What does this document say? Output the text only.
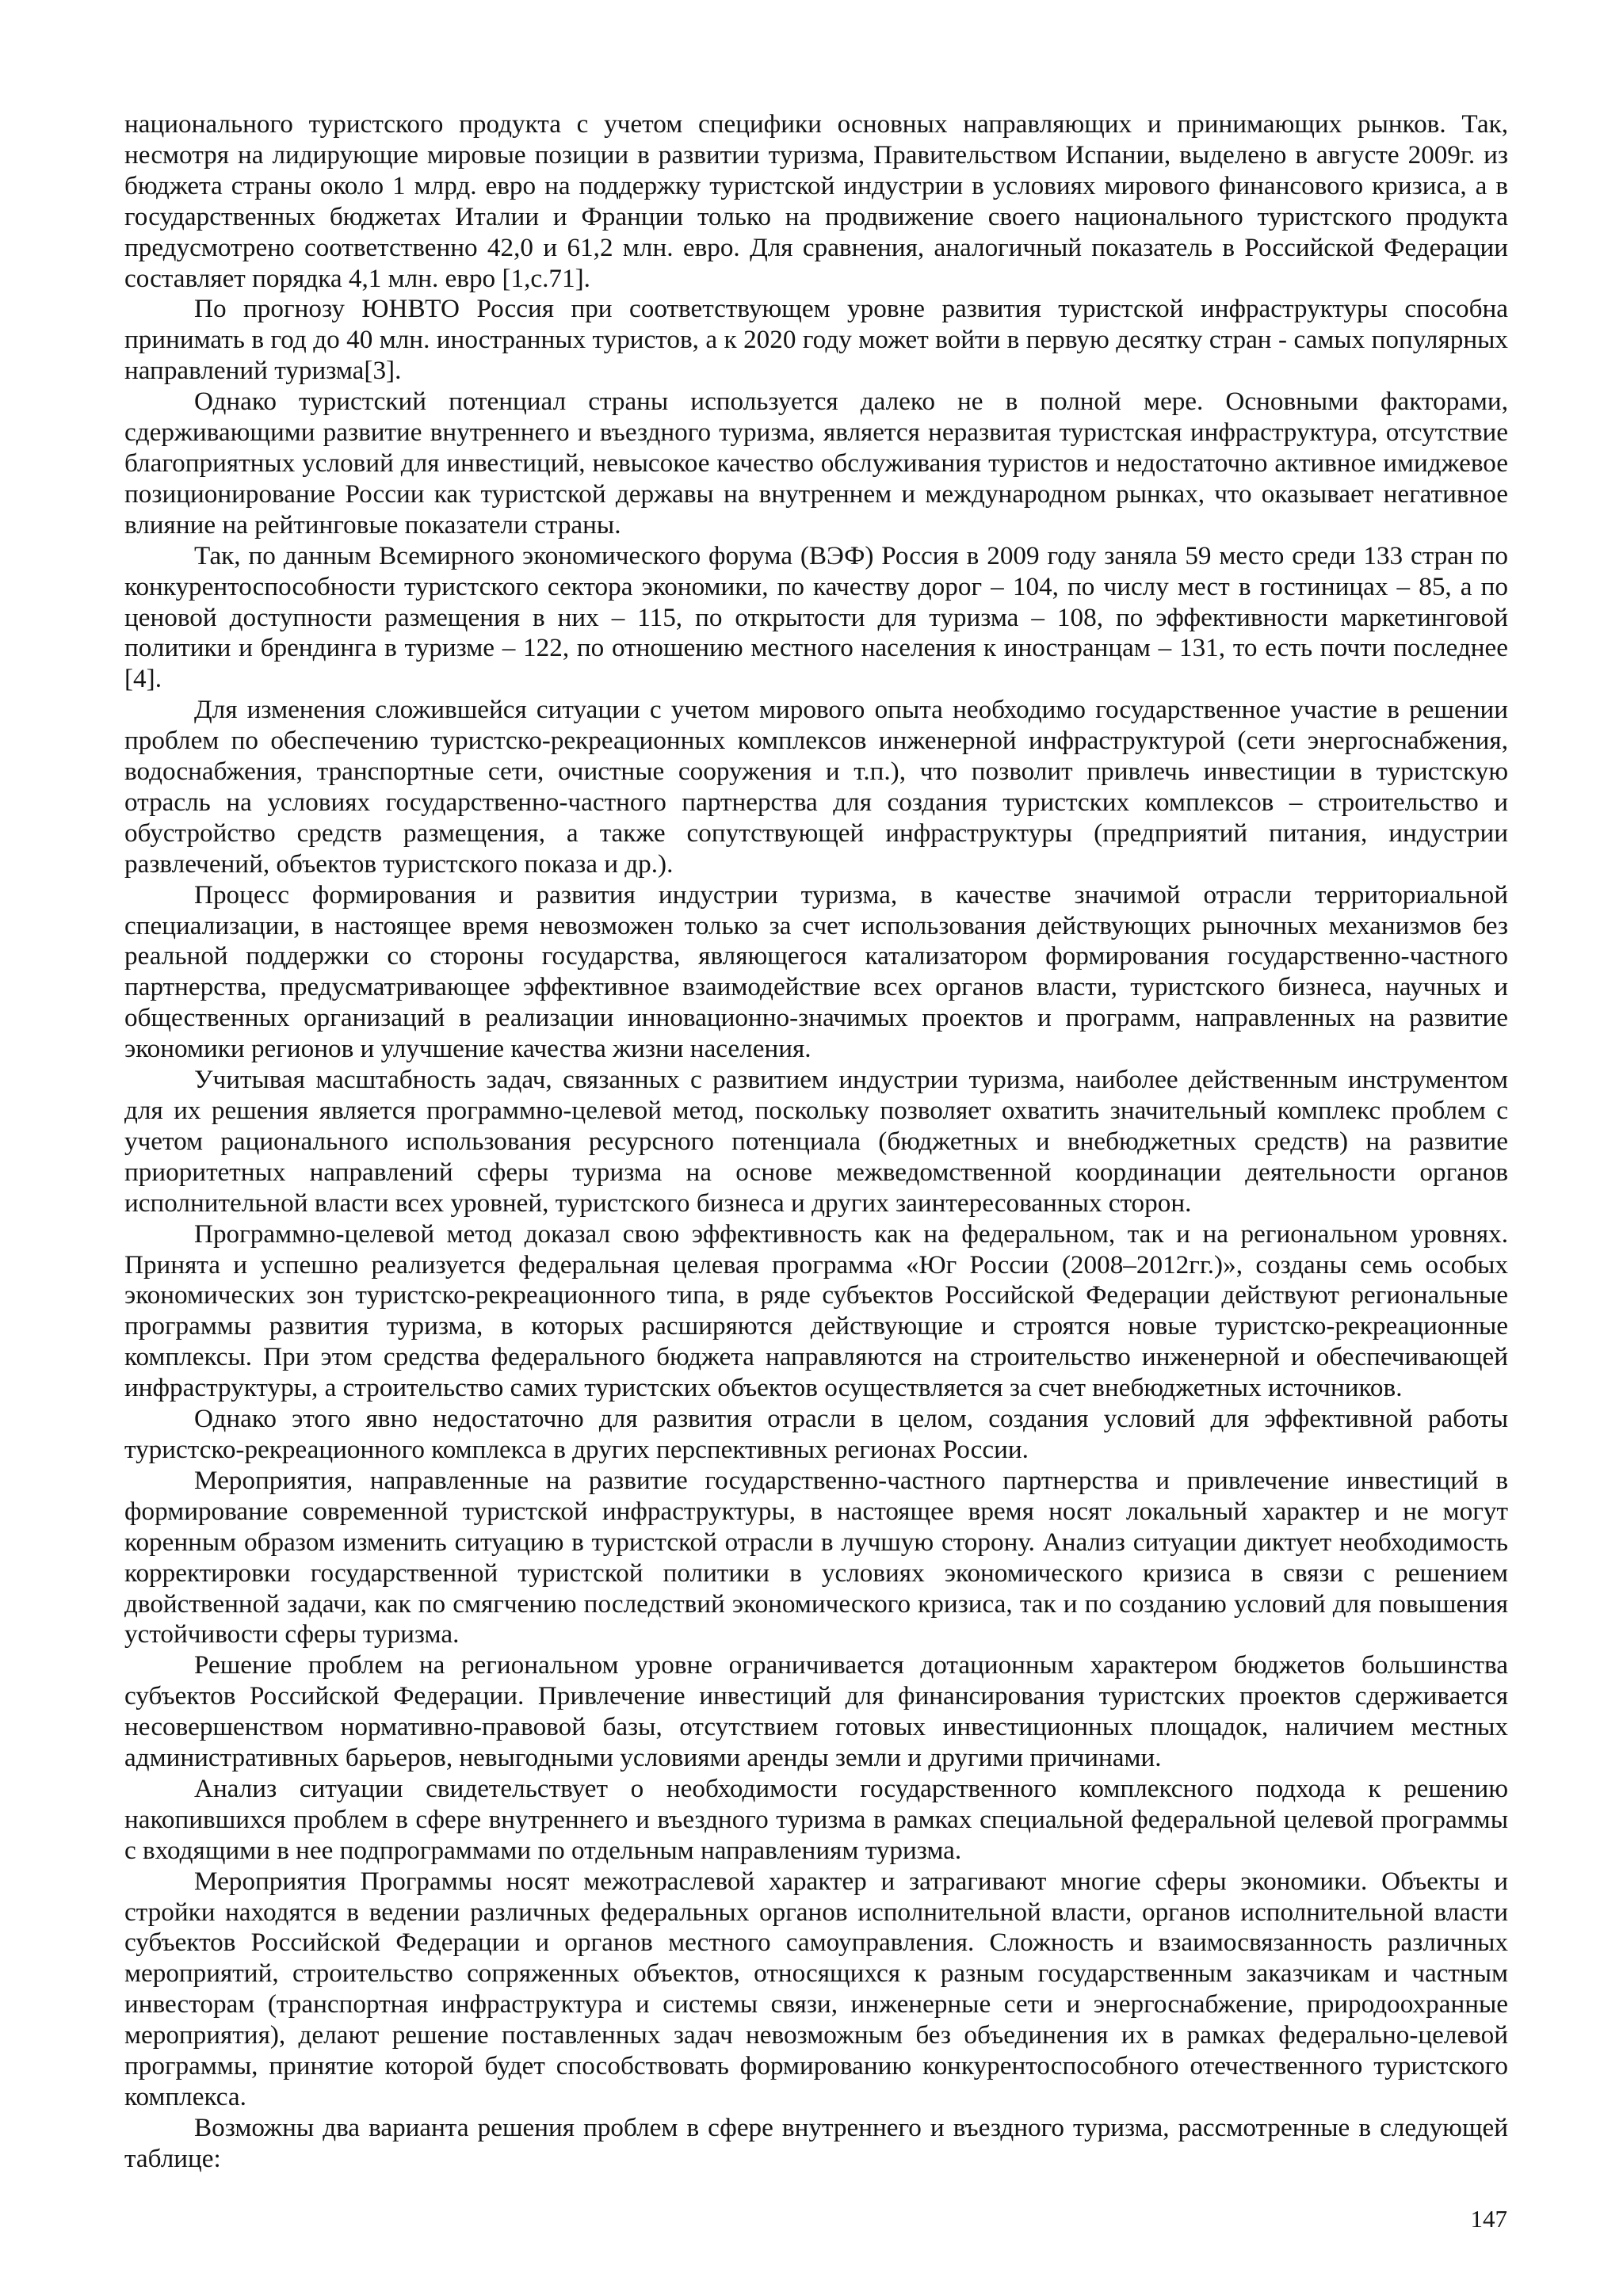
национального туристского продукта с учетом специфики основных направляющих и принимающих рынков. Так, несмотря на лидирующие мировые позиции в развитии туризма, Правительством Испании, выделено в августе 2009г. из бюджета страны около 1 млрд. евро на поддержку туристской индустрии в условиях мирового финансового кризиса, а в государственных бюджетах Италии и Франции только на продвижение своего национального туристского продукта предусмотрено соответственно 42,0 и 61,2 млн. евро. Для сравнения, аналогичный показатель в Российской Федерации составляет порядка 4,1 млн. евро [1,с.71].

По прогнозу ЮНВТО Россия при соответствующем уровне развития туристской инфраструктуры способна принимать в год до 40 млн. иностранных туристов, а к 2020 году может войти в первую десятку стран - самых популярных направлений туризма[3].

Однако туристский потенциал страны используется далеко не в полной мере. Основными факторами, сдерживающими развитие внутреннего и въездного туризма, является неразвитая туристская инфраструктура, отсутствие благоприятных условий для инвестиций, невысокое качество обслуживания туристов и недостаточно активное имиджевое позиционирование России как туристской державы на внутреннем и международном рынках, что оказывает негативное влияние на рейтинговые показатели страны.

Так, по данным Всемирного экономического форума (ВЭФ) Россия в 2009 году заняла 59 место среди 133 стран по конкурентоспособности туристского сектора экономики, по качеству дорог – 104, по числу мест в гостиницах – 85, а по ценовой доступности размещения в них – 115, по открытости для туризма – 108, по эффективности маркетинговой политики и брендинга в туризме – 122, по отношению местного населения к иностранцам – 131, то есть почти последнее [4].

Для изменения сложившейся ситуации с учетом мирового опыта необходимо государственное участие в решении проблем по обеспечению туристско-рекреационных комплексов инженерной инфраструктурой (сети энергоснабжения, водоснабжения, транспортные сети, очистные сооружения и т.п.), что позволит привлечь инвестиции в туристскую отрасль на условиях государственно-частного партнерства для создания туристских комплексов – строительство и обустройство средств размещения, а также сопутствующей инфраструктуры (предприятий питания, индустрии развлечений, объектов туристского показа и др.).

Процесс формирования и развития индустрии туризма, в качестве значимой отрасли территориальной специализации, в настоящее время невозможен только за счет использования действующих рыночных механизмов без реальной поддержки со стороны государства, являющегося катализатором формирования государственно-частного партнерства, предусматривающее эффективное взаимодействие всех органов власти, туристского бизнеса, научных и общественных организаций в реализации инновационно-значимых проектов и программ, направленных на развитие экономики регионов и улучшение качества жизни населения.

Учитывая масштабность задач, связанных с развитием индустрии туризма, наиболее действенным инструментом для их решения является программно-целевой метод, поскольку позволяет охватить значительный комплекс проблем с учетом рационального использования ресурсного потенциала (бюджетных и внебюджетных средств) на развитие приоритетных направлений сферы туризма на основе межведомственной координации деятельности органов исполнительной власти всех уровней, туристского бизнеса и других заинтересованных сторон.

Программно-целевой метод доказал свою эффективность как на федеральном, так и на региональном уровнях. Принята и успешно реализуется федеральная целевая программа «Юг России (2008–2012гг.)», созданы семь особых экономических зон туристско-рекреационного типа, в ряде субъектов Российской Федерации действуют региональные программы развития туризма, в которых расширяются действующие и строятся новые туристско-рекреационные комплексы. При этом средства федерального бюджета направляются на строительство инженерной и обеспечивающей инфраструктуры, а строительство самих туристских объектов осуществляется за счет внебюджетных источников.

Однако этого явно недостаточно для развития отрасли в целом, создания условий для эффективной работы туристско-рекреационного комплекса в других перспективных регионах России.

Мероприятия, направленные на развитие государственно-частного партнерства и привлечение инвестиций в формирование современной туристской инфраструктуры, в настоящее время носят локальный характер и не могут коренным образом изменить ситуацию в туристской отрасли в лучшую сторону. Анализ ситуации диктует необходимость корректировки государственной туристской политики в условиях экономического кризиса в связи с решением двойственной задачи, как по смягчению последствий экономического кризиса, так и по созданию условий для повышения устойчивости сферы туризма.

Решение проблем на региональном уровне ограничивается дотационным характером бюджетов большинства субъектов Российской Федерации. Привлечение инвестиций для финансирования туристских проектов сдерживается несовершенством нормативно-правовой базы, отсутствием готовых инвестиционных площадок, наличием местных административных барьеров, невыгодными условиями аренды земли и другими причинами.

Анализ ситуации свидетельствует о необходимости государственного комплексного подхода к решению накопившихся проблем в сфере внутреннего и въездного туризма в рамках специальной федеральной целевой программы с входящими в нее подпрограммами по отдельным направлениям туризма.

Мероприятия Программы носят межотраслевой характер и затрагивают многие сферы экономики. Объекты и стройки находятся в ведении различных федеральных органов исполнительной власти, органов исполнительной власти субъектов Российской Федерации и органов местного самоуправления. Сложность и взаимосвязанность различных мероприятий, строительство сопряженных объектов, относящихся к разным государственным заказчикам и частным инвесторам (транспортная инфраструктура и системы связи, инженерные сети и энергоснабжение, природоохранные мероприятия), делают решение поставленных задач невозможным без объединения их в рамках федерально-целевой программы, принятие которой будет способствовать формированию конкурентоспособного отечественного туристского комплекса.

Возможны два варианта решения проблем в сфере внутреннего и въездного туризма, рассмотренные в следующей таблице:

147
